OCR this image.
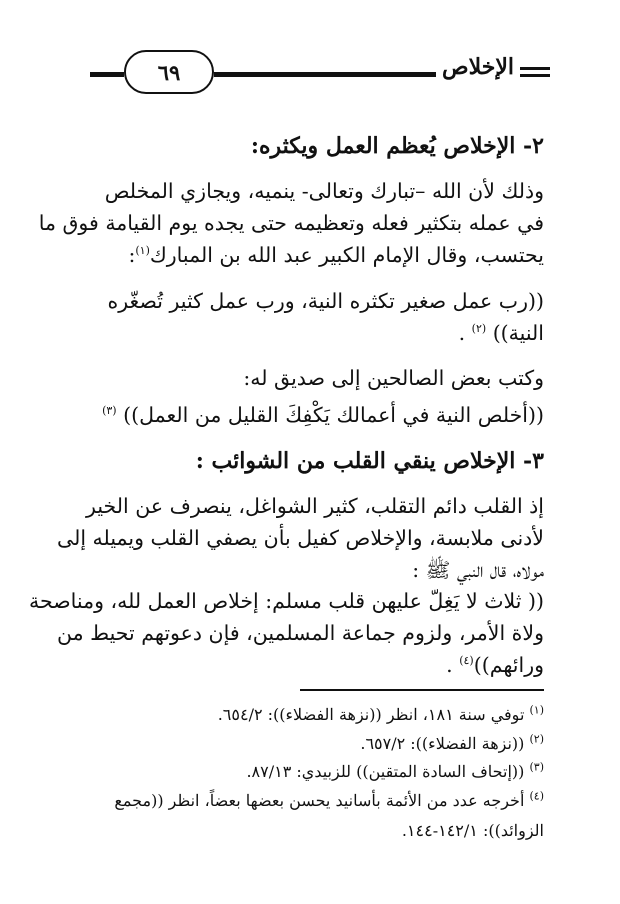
٦٩	الإخلاص
٢- الإخلاص يُعظم العمل ويكثره:
وذلك لأن الله –تبارك وتعالى- ينميه، ويجازي المخلص
في عمله بتكثير فعله وتعظيمه حتى يجده يوم القيامة فوق ما
يحتسب، وقال الإمام الكبير عبد الله بن المبارك$^{(١)}$:
((رب عمل صغير تكثره النية، ورب عمل كثير تُصغّره
النية)) $^{(٢)}$ .
وكتب بعض الصالحين إلى صديق له:
((أخلص النية في أعمالك يَكْفِكَ القليل من العمل)) $^{(٣)}$
٣- الإخلاص ينقي القلب من الشوائب :
إذ القلب دائم التقلب، كثير الشواغل، ينصرف عن الخير
لأدنى ملابسة، والإخلاص كفيل بأن يصفي القلب ويميله إلى
مولاه، قال النبي ﷺ :
(( ثلاث لا يَغِلّ عليهن قلب مسلم: إخلاص العمل لله، ومناصحة
ولاة الأمر، ولزوم جماعة المسلمين، فإن دعوتهم تحيط من
ورائهم))$^{(٤)}$ .
$^{(١)}$ توفي سنة ١٨١، انظر ((نزهة الفضلاء)): ٦٥٤/٢.
$^{(٢)}$ ((نزهة الفضلاء)): ٦٥٧/٢.
$^{(٣)}$ ((إتحاف السادة المتقين)) للزبيدي: ٨٧/١٣.
$^{(٤)}$ أخرجه عدد من الأئمة بأسانيد يحسن بعضها بعضاً، انظر ((مجمع
الزوائد)): ١٤٢/١-١٤٤.
